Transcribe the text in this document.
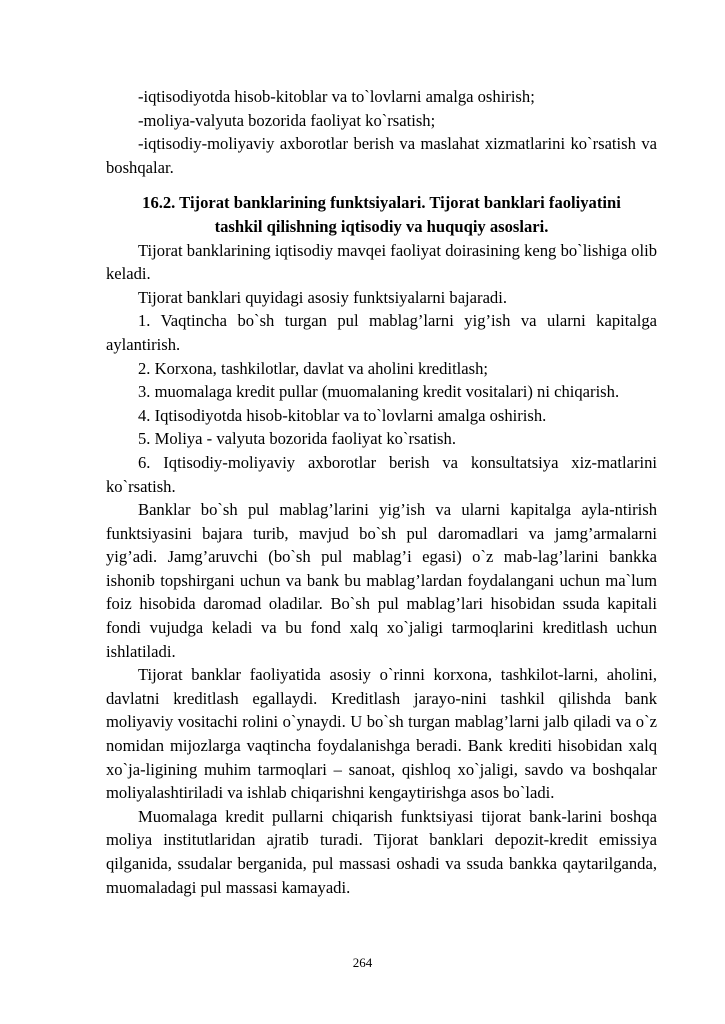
-iqtisodiyotda hisob-kitoblar va to`lovlarni amalga oshirish;

-moliya-valyuta bozorida faoliyat ko`rsatish;

-iqtisodiy-moliyaviy axborotlar berish va maslahat xizmatlarini ko`rsatish va boshqalar.

16.2. Tijorat banklarining funktsiyalari. Tijorat banklari faoliyatini tashkil qilishning iqtisodiy va huquqiy asoslari.

Tijorat banklarining iqtisodiy mavqei faoliyat doirasining keng bo`lishiga olib keladi.

Tijorat banklari quyidagi asosiy funktsiyalarni bajaradi.

1. Vaqtincha bo`sh turgan pul mablag’larni yig’ish va ularni kapitalga aylantirish.

2. Korxona, tashkilotlar, davlat va aholini kreditlash;

3. muomalaga kredit pullar (muomalaning kredit vositalari) ni chiqarish.

4. Iqtisodiyotda hisob-kitoblar va to`lovlarni amalga oshirish.

5. Moliya - valyuta bozorida faoliyat ko`rsatish.

6. Iqtisodiy-moliyaviy axborotlar berish va konsultatsiya xiz-matlarini ko`rsatish.

Banklar bo`sh pul mablag’larini yig’ish va ularni kapitalga ayla-ntirish funktsiyasini bajara turib, mavjud bo`sh pul daromadlari va jamg’armalarni yig’adi. Jamg’aruvchi (bo`sh pul mablag’i egasi) o`z mab-lag’larini bankka ishonib topshirgani uchun va bank bu mablag’lardan foydalangani uchun ma`lum foiz hisobida daromad oladilar. Bo`sh pul mablag’lari hisobidan ssuda kapitali fondi vujudga keladi va bu fond xalq xo`jaligi tarmoqlarini kreditlash uchun ishlatiladi.

Tijorat banklar faoliyatida asosiy o`rinni korxona, tashkilot-larni, aholini, davlatni kreditlash egallaydi. Kreditlash jarayo-nini tashkil qilishda bank moliyaviy vositachi rolini o`ynaydi. U bo`sh turgan mablag’larni jalb qiladi va o`z nomidan mijozlarga vaqtincha foydalanishga beradi. Bank krediti hisobidan xalq xo`ja-ligining muhim tarmoqlari – sanoat, qishloq xo`jaligi, savdo va boshqalar moliyalashtiriladi va ishlab chiqarishni kengaytirishga asos bo`ladi.

Muomalaga kredit pullarni chiqarish funktsiyasi tijorat bank-larini boshqa moliya institutlaridan ajratib turadi. Tijorat banklari depozit-kredit emissiya qilganida, ssudalar berganida, pul massasi oshadi va ssuda bankka qaytarilganda, muomaladagi pul massasi kamayadi.

264
